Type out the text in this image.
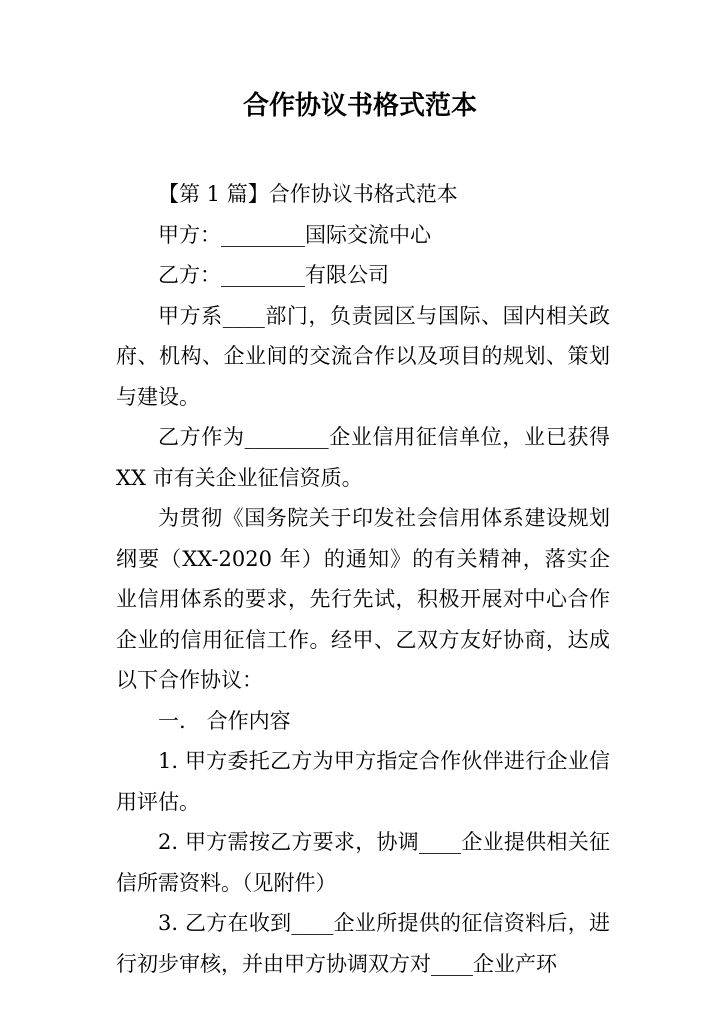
合作协议书格式范本

【第 1 篇】合作协议书格式范本

甲方：________国际交流中心

乙方：________有限公司

甲方系____部门，负责园区与国际、国内相关政府、机构、企业间的交流合作以及项目的规划、策划与建设。

乙方作为________企业信用征信单位，业已获得 XX 市有关企业征信资质。

为贯彻《国务院关于印发社会信用体系建设规划纲要（XX-2020 年）的通知》的有关精神，落实企业信用体系的要求，先行先试，积极开展对中心合作企业的信用征信工作。经甲、乙双方友好协商，达成以下合作协议：

一.　合作内容

1. 甲方委托乙方为甲方指定合作伙伴进行企业信用评估。

2. 甲方需按乙方要求，协调____企业提供相关征信所需资料。（见附件）

3. 乙方在收到____企业所提供的征信资料后，进行初步审核，并由甲方协调双方对____企业产环
